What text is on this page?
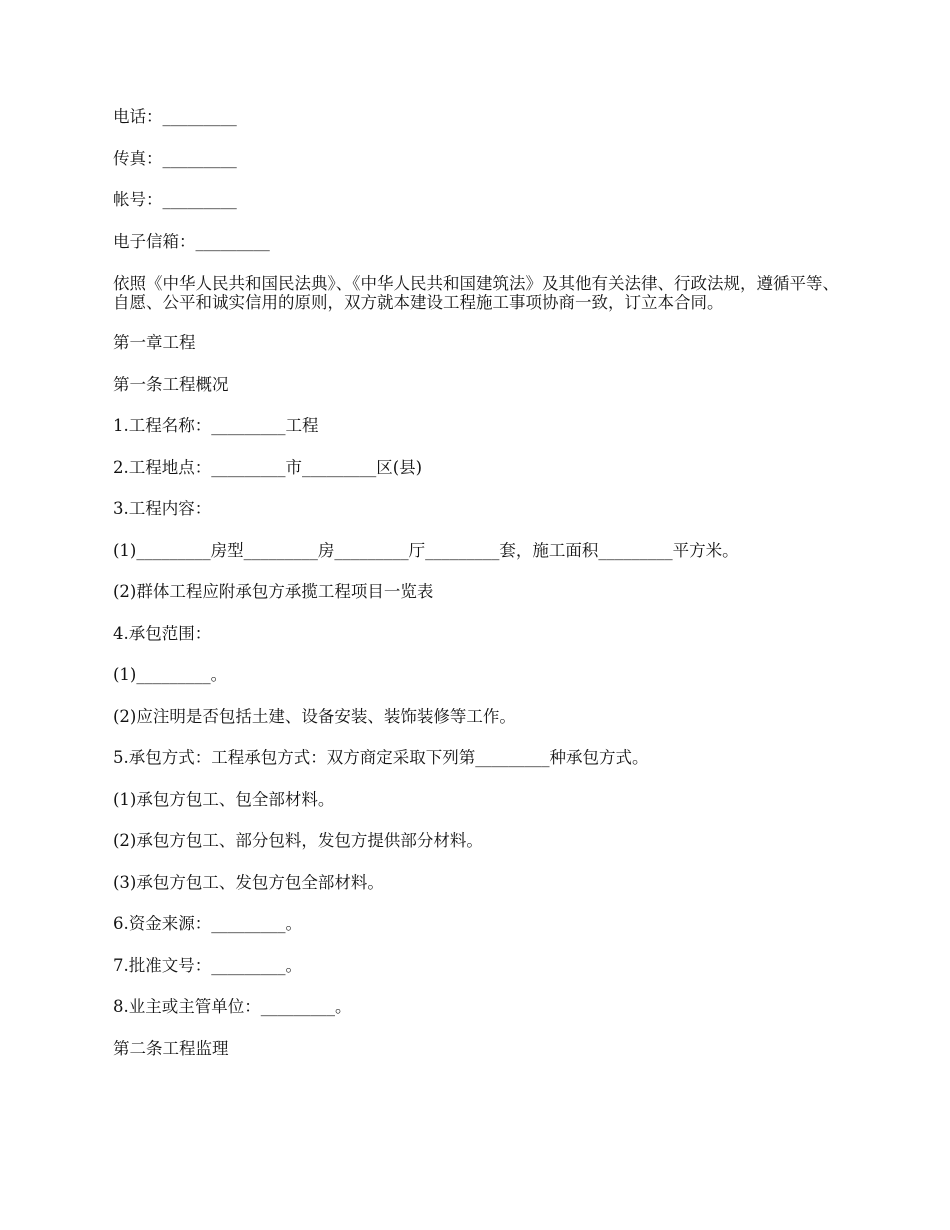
电话：_________

传真：_________

帐号：_________

电子信箱：_________

依照《中华人民共和国民法典》、《中华人民共和国建筑法》及其他有关法律、行政法规，遵循平等、自愿、公平和诚实信用的原则，双方就本建设工程施工事项协商一致，订立本合同。

第一章工程

第一条工程概况

1.工程名称：_________工程

2.工程地点：_________市_________区(县)

3.工程内容：

(1)_________房型_________房_________厅_________套，施工面积_________平方米。

(2)群体工程应附承包方承揽工程项目一览表

4.承包范围：

(1)_________。

(2)应注明是否包括土建、设备安装、装饰装修等工作。

5.承包方式：工程承包方式：双方商定采取下列第_________种承包方式。

(1)承包方包工、包全部材料。

(2)承包方包工、部分包料，发包方提供部分材料。

(3)承包方包工、发包方包全部材料。

6.资金来源：_________。

7.批准文号：_________。

8.业主或主管单位：_________。

第二条工程监理
